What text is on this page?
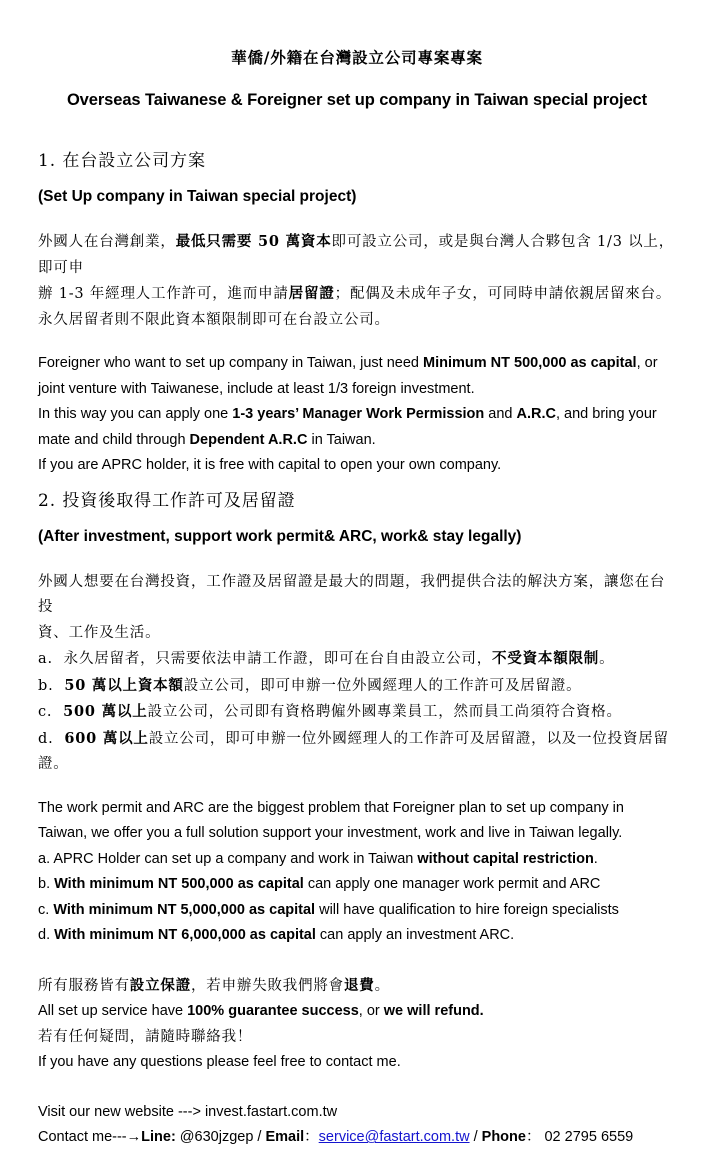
華僑/外籍在台灣設立公司專案專案
Overseas Taiwanese & Foreigner set up company in Taiwan special project
1. 在台設立公司方案
(Set Up company in Taiwan special project)
外國人在台灣創業，最低只需要 50 萬資本即可設立公司，或是與台灣人合夥包含 1/3 以上，即可申
辦 1-3 年經理人工作許可，進而申請居留證；配偶及未成年子女，可同時申請依親居留來台。
永久居留者則不限此資本額限制即可在台設立公司。
Foreigner who want to set up company in Taiwan, just need Minimum NT 500,000 as capital, or
joint venture with Taiwanese, include at least 1/3 foreign investment.
In this way you can apply one 1-3 years’ Manager Work Permission and A.R.C, and bring your
mate and child through Dependent A.R.C in Taiwan.
If you are APRC holder, it is free with capital to open your own company.
2. 投資後取得工作許可及居留證
(After investment, support work permit& ARC, work& stay legally)
外國人想要在台灣投資，工作證及居留證是最大的問題，我們提供合法的解決方案，讓您在台投
資、工作及生活。
a.  永久居留者，只需要依法申請工作證，即可在台自由設立公司，不受資本額限制。
b.  50 萬以上資本額設立公司，即可申辦一位外國經理人的工作許可及居留證。
c.  500 萬以上設立公司，公司即有資格聘僱外國專業員工，然而員工尚須符合資格。
d.  600 萬以上設立公司，即可申辦一位外國經理人的工作許可及居留證，以及一位投資居留證。
The work permit and ARC are the biggest problem that Foreigner plan to set up company in
Taiwan, we offer you a full solution support your investment, work and live in Taiwan legally.
a. APRC Holder can set up a company and work in Taiwan without capital restriction.
b. With minimum NT 500,000 as capital can apply one manager work permit and ARC
c. With minimum NT 5,000,000 as capital will have qualification to hire foreign specialists
d. With minimum NT 6,000,000 as capital can apply an investment ARC.
所有服務皆有設立保證，若申辦失敗我們將會退費。
All set up service have 100% guarantee success, or we will refund.
若有任何疑問，請隨時聯絡我！
If you have any questions please feel free to contact me.
Visit our new website ---> invest.fastart.com.tw
Contact me---→Line: @630jzgep / Email：service@fastart.com.tw / Phone： 02 2795 6559
